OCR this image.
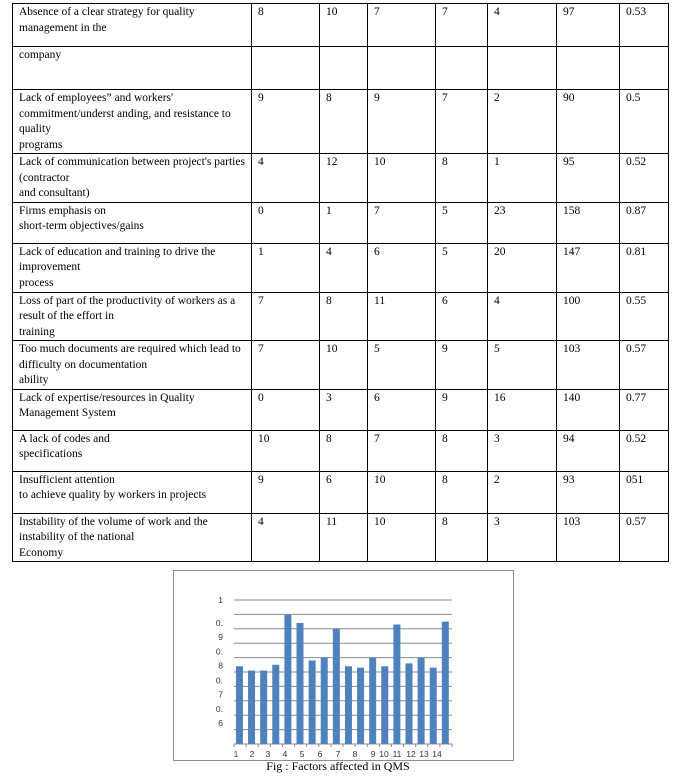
Absence of a clear strategy for quality
management in the	8	10	7	7	4	97	0.53

company							

Lack of employees” and workers'
commitment/underst anding, and resistance to
quality
programs	9	8	9	7	2	90	0.5

Lack of communication between project's parties
(contractor
and consultant)	4	12	10	8	1	95	0.52

Firms emphasis on
short-term objectives/gains	0	1	7	5	23	158	0.87

Lack of education and training to drive the
improvement
process	1	4	6	5	20	147	0.81

Loss of part of the productivity of workers as a
result of the effort in
training	7	8	11	6	4	100	0.55

Too much documents are required which lead to
difficulty on documentation
ability	7	10	5	9	5	103	0.57

Lack of expertise/resources in Quality
Management System	0	3	6	9	16	140	0.77

A lack of codes and
specifications	10	8	7	8	3	94	0.52

Insufficient attention
to achieve quality by workers in projects	9	6	10	8	2	93	051

Instability of the volume of work and the
instability of the national
Economy	4	11	10	8	3	103	0.57
1
0.
9
0.
8
0.
7
0.
6
1 2 3 4 5 6 7 8 9 10 11 12 13 14
Fig : Factors affected in QMS
